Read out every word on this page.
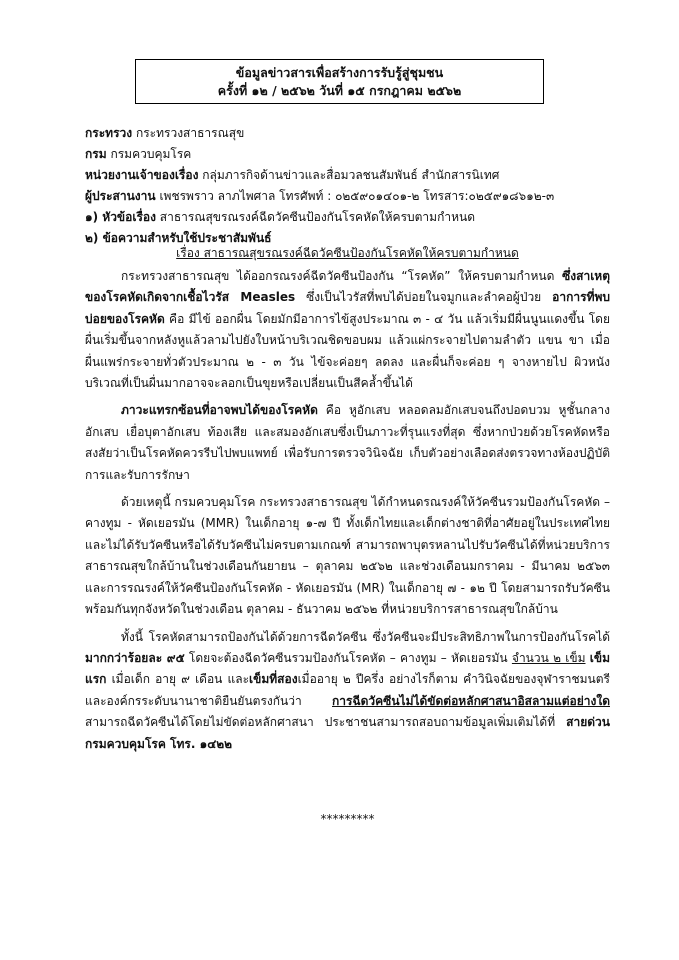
ข้อมูลข่าวสารเพื่อสร้างการรับรู้สู่ชุมชน
ครั้งที่ ๑๒ / ๒๕๖๒ วันที่ ๑๕ กรกฎาคม ๒๕๖๒
กระทรวง กระทรวงสาธารณสุข
กรม กรมควบคุมโรค
หน่วยงานเจ้าของเรื่อง กลุ่มภารกิจด้านข่าวและสื่อมวลชนสัมพันธ์ สำนักสารนิเทศ
ผู้ประสานงาน เพชรพราว ลาภไพศาล โทรศัพท์ : ๐๒๕๙๐๑๔๐๑-๒ โทรสาร:๐๒๕๙๑๘๖๑๒-๓
๑) หัวข้อเรื่อง สาธารณสุขรณรงค์ฉีดวัคซีนป้องกันโรคหัดให้ครบตามกำหนด
๒) ข้อความสำหรับใช้ประชาสัมพันธ์
เรื่อง สาธารณสุขรณรงค์ฉีดวัคซีนป้องกันโรคหัดให้ครบตามกำหนด

กระทรวงสาธารณสุข ได้ออกรณรงค์ฉีดวัคซีนป้องกัน “โรคหัด” ให้ครบตามกำหนด ซึ่งสาเหตุของโรคหัดเกิดจากเชื้อไวรัส Measles ซึ่งเป็นไวรัสที่พบได้บ่อยในจมูกและลำคอผู้ป่วย อาการที่พบบ่อยของโรคหัด คือ มีไข้ ออกผื่น โดยมักมีอาการไข้สูงประมาณ ๓ - ๔ วัน แล้วเริ่มมีผื่นนูนแดงขึ้น โดยผื่นเริ่มขึ้นจากหลังหูแล้วลามไปยังใบหน้าบริเวณชิดขอบผม แล้วแผ่กระจายไปตามลำตัว แขน ขา เมื่อผื่นแพร่กระจายทั่วตัวประมาณ ๒ - ๓ วัน ไข้จะค่อยๆ ลดลง และผื่นก็จะค่อย ๆ จางหายไป ผิวหนังบริเวณที่เป็นผื่นมากอาจจะลอกเป็นขุยหรือเปลี่ยนเป็นสีคล้ำขึ้นได้

ภาวะแทรกซ้อนที่อาจพบได้ของโรคหัด คือ หูอักเสบ หลอดลมอักเสบจนถึงปอดบวม หูชั้นกลางอักเสบ เยื่อบุตาอักเสบ ท้องเสีย และสมองอักเสบซึ่งเป็นภาวะที่รุนแรงที่สุด ซึ่งหากป่วยด้วยโรคหัดหรือสงสัยว่าเป็นโรคหัดควรรีบไปพบแพทย์ เพื่อรับการตรวจวินิจฉัย เก็บตัวอย่างเลือดส่งตรวจทางห้องปฏิบัติการและรับการรักษา

ด้วยเหตุนี้ กรมควบคุมโรค กระทรวงสาธารณสุข ได้กำหนดรณรงค์ให้วัคซีนรวมป้องกันโรคหัด – คางทูม - หัดเยอรมัน (MMR) ในเด็กอายุ ๑-๗ ปี ทั้งเด็กไทยและเด็กต่างชาติที่อาศัยอยู่ในประเทศไทย และไม่ได้รับวัคซีนหรือได้รับวัคซีนไม่ครบตามเกณฑ์ สามารถพาบุตรหลานไปรับวัคซีนได้ที่หน่วยบริการสาธารณสุขใกล้บ้านในช่วงเดือนกันยายน – ตุลาคม ๒๕๖๒ และช่วงเดือนมกราคม - มีนาคม ๒๕๖๓ และการรณรงค์ให้วัคซีนป้องกันโรคหัด - หัดเยอรมัน (MR) ในเด็กอายุ ๗ - ๑๒ ปี โดยสามารถรับวัคซีนพร้อมกันทุกจังหวัดในช่วงเดือน ตุลาคม - ธันวาคม ๒๕๖๒ ที่หน่วยบริการสาธารณสุขใกล้บ้าน

ทั้งนี้ โรคหัดสามารถป้องกันได้ด้วยการฉีดวัคซีน ซึ่งวัคซีนจะมีประสิทธิภาพในการป้องกันโรคได้ มากกว่าร้อยละ ๙๕ โดยจะต้องฉีดวัคซีนรวมป้องกันโรคหัด – คางทูม – หัดเยอรมัน จำนวน ๒ เข็ม เข็มแรก เมื่อเด็ก อายุ ๙ เดือน และเข็มที่สองเมื่ออายุ ๒ ปีครึ่ง อย่างไรก็ตาม คำวินิจฉัยของจุฬาราชมนตรีและองค์กรระดับนานาชาติยืนยันตรงกันว่า การฉีดวัคซีนไม่ได้ขัดต่อหลักศาสนาอิสลามแต่อย่างใด สามารถฉีดวัคซีนได้โดยไม่ขัดต่อหลักศาสนา ประชาชนสามารถสอบถามข้อมูลเพิ่มเติมได้ที่ สายด่วนกรมควบคุมโรค โทร. ๑๔๒๒

*********
